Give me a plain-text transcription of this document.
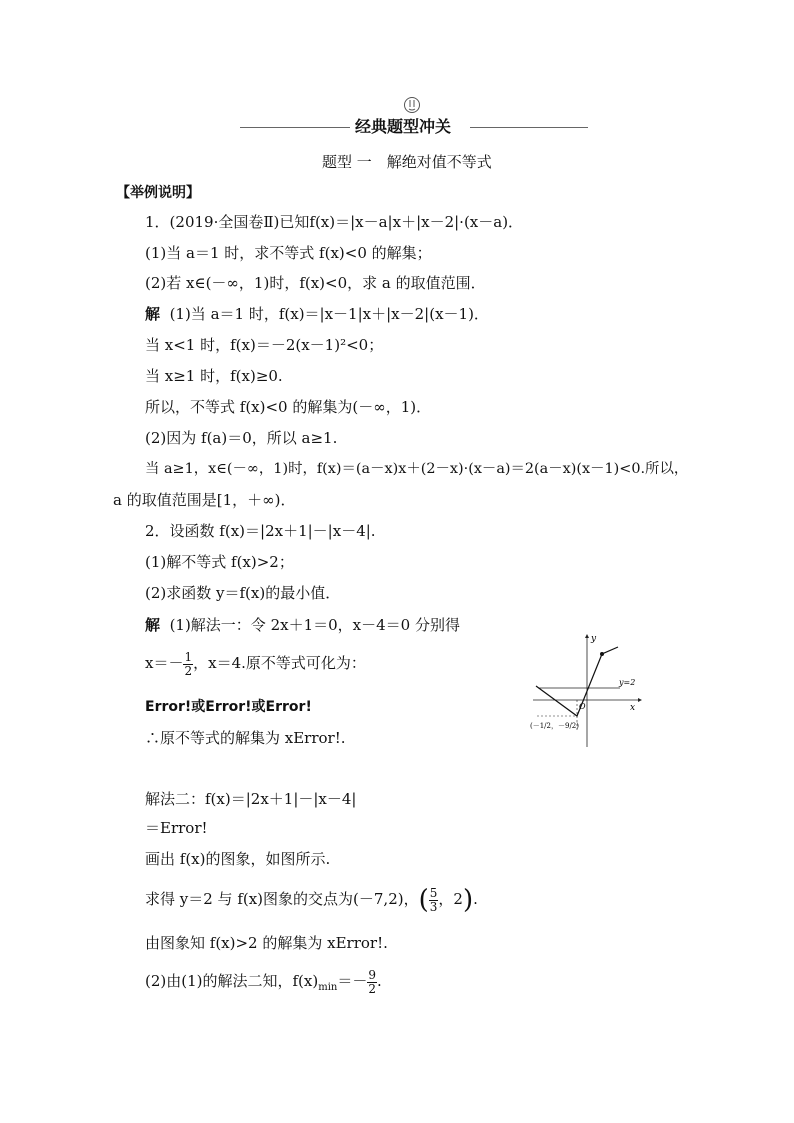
经典题型冲关
题型 一　解绝对值不等式
【举例说明】
1．(2019·全国卷Ⅱ)已知f(x)＝|x－a|x＋|x－2|·(x－a)．
(1)当 a＝1 时，求不等式 f(x)<0 的解集；
(2)若 x∈(－∞，1)时，f(x)<0，求 a 的取值范围．
解 (1)当 a＝1 时，f(x)＝|x－1|x＋|x－2|(x－1)．
当 x<1 时，f(x)＝－2(x－1)²<0；
当 x≥1 时，f(x)≥0.
所以，不等式 f(x)<0 的解集为(－∞，1)．
(2)因为 f(a)＝0，所以 a≥1.
当 a≥1，x∈(－∞，1)时，f(x)＝(a－x)x＋(2－x)·(x－a)＝2(a－x)(x－1)<0.所以，
a 的取值范围是[1，＋∞)．
2．设函数 f(x)＝|2x＋1|－|x－4|.
(1)解不等式 f(x)>2；
(2)求函数 y＝f(x)的最小值．
解 (1)解法一：令 2x＋1＝0，x－4＝0 分别得
$x=- \frac{1}{2}$ ，x＝4.原不等式可化为：
Error!或Error!或Error!
∴原不等式的解集为 xError!.
解法二：f(x)＝|2x＋1|－|x－4|
＝Error!
画出 f(x)的图象，如图所示.
求得 y＝2 与 f(x)图象的交点为(－7,2)，( $\frac{5}{3}$ ，2).
由图象知 f(x)>2 的解集为 xError!.
(2)由(1)的解法二知，$f(x)_{min}=- \frac{9}{2}$ .
y
x
O
y=2
(－1/2，－9/2)
